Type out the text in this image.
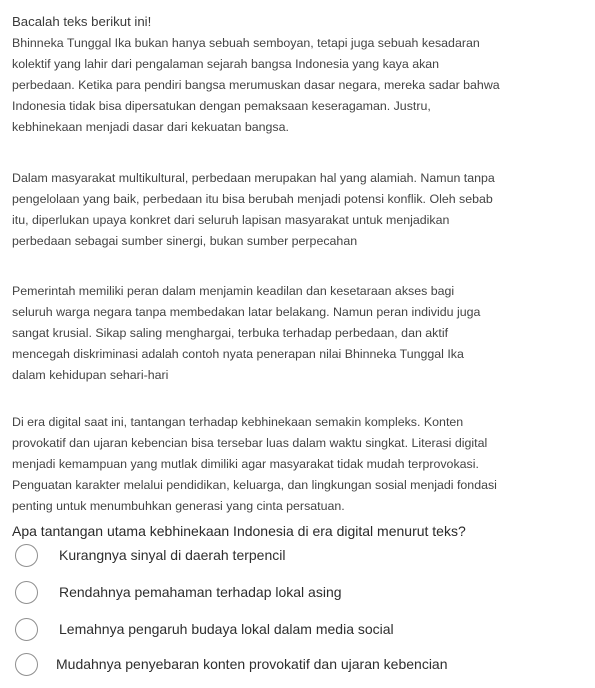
Bacalah teks berikut ini!
Bhinneka Tunggal Ika bukan hanya sebuah semboyan, tetapi juga sebuah kesadaran
kolektif yang lahir dari pengalaman sejarah bangsa Indonesia yang kaya akan
perbedaan. Ketika para pendiri bangsa merumuskan dasar negara, mereka sadar bahwa
Indonesia tidak bisa dipersatukan dengan pemaksaan keseragaman. Justru,
kebhinekaan menjadi dasar dari kekuatan bangsa.
Dalam masyarakat multikultural, perbedaan merupakan hal yang alamiah. Namun tanpa
pengelolaan yang baik, perbedaan itu bisa berubah menjadi potensi konflik. Oleh sebab
itu, diperlukan upaya konkret dari seluruh lapisan masyarakat untuk menjadikan
perbedaan sebagai sumber sinergi, bukan sumber perpecahan
Pemerintah memiliki peran dalam menjamin keadilan dan kesetaraan akses bagi
seluruh warga negara tanpa membedakan latar belakang. Namun peran individu juga
sangat krusial. Sikap saling menghargai, terbuka terhadap perbedaan, dan aktif
mencegah diskriminasi adalah contoh nyata penerapan nilai Bhinneka Tunggal Ika
dalam kehidupan sehari-hari
Di era digital saat ini, tantangan terhadap kebhinekaan semakin kompleks. Konten
provokatif dan ujaran kebencian bisa tersebar luas dalam waktu singkat. Literasi digital
menjadi kemampuan yang mutlak dimiliki agar masyarakat tidak mudah terprovokasi.
Penguatan karakter melalui pendidikan, keluarga, dan lingkungan sosial menjadi fondasi
penting untuk menumbuhkan generasi yang cinta persatuan.
Apa tantangan utama kebhinekaan Indonesia di era digital menurut teks?
Kurangnya sinyal di daerah terpencil
Rendahnya pemahaman terhadap lokal asing
Lemahnya pengaruh budaya lokal dalam media social
Mudahnya penyebaran konten provokatif dan ujaran kebencian
